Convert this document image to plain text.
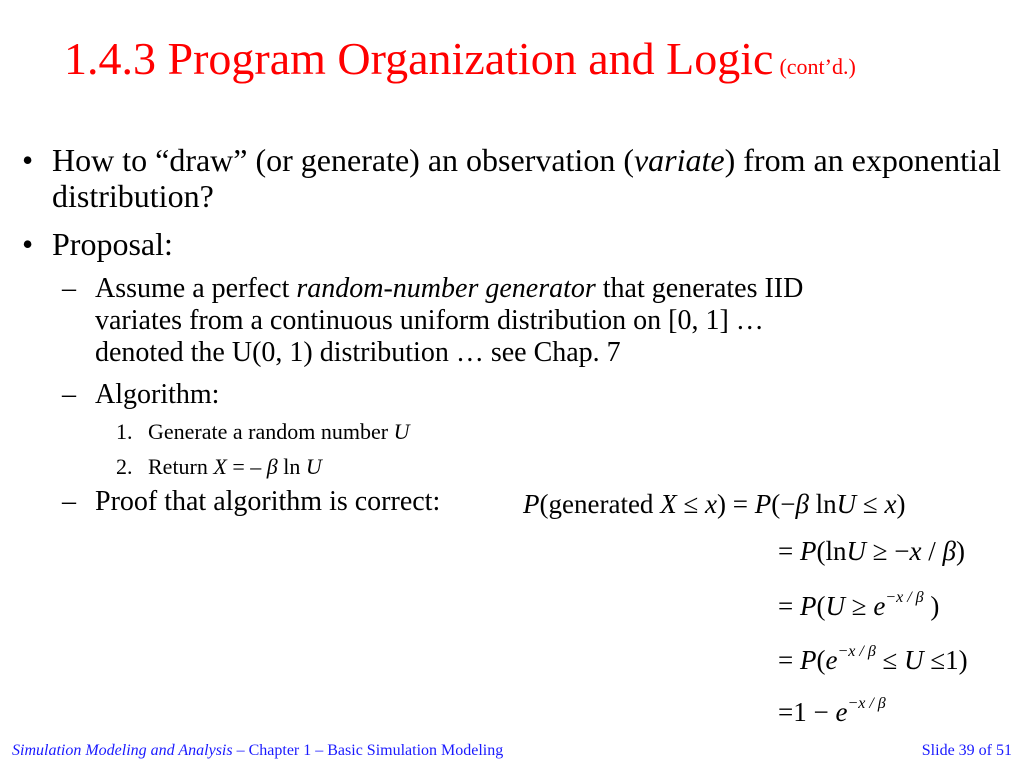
1.4.3 Program Organization and Logic (cont’d.)
• How to “draw” (or generate) an observation (variate) from an exponential distribution?
• Proposal:
– Assume a perfect random-number generator that generates IID
variates from a continuous uniform distribution on [0, 1] …
denoted the U(0, 1) distribution … see Chap. 7
– Algorithm:
1. Generate a random number U
2. Return X = – β ln U
– Proof that algorithm is correct:	P(generated X ≤ x) = P(−β lnU ≤ x)
= P(lnU ≥ −x / β)
= $P(U \ge e^{-x / \beta}$ )
= $P(e^{-x / \beta} \le U \le 1)$
$=1 - e^{-x / \beta}$
Simulation Modeling and Analysis – Chapter 1 – Basic Simulation Modeling	Slide 39 of 51
